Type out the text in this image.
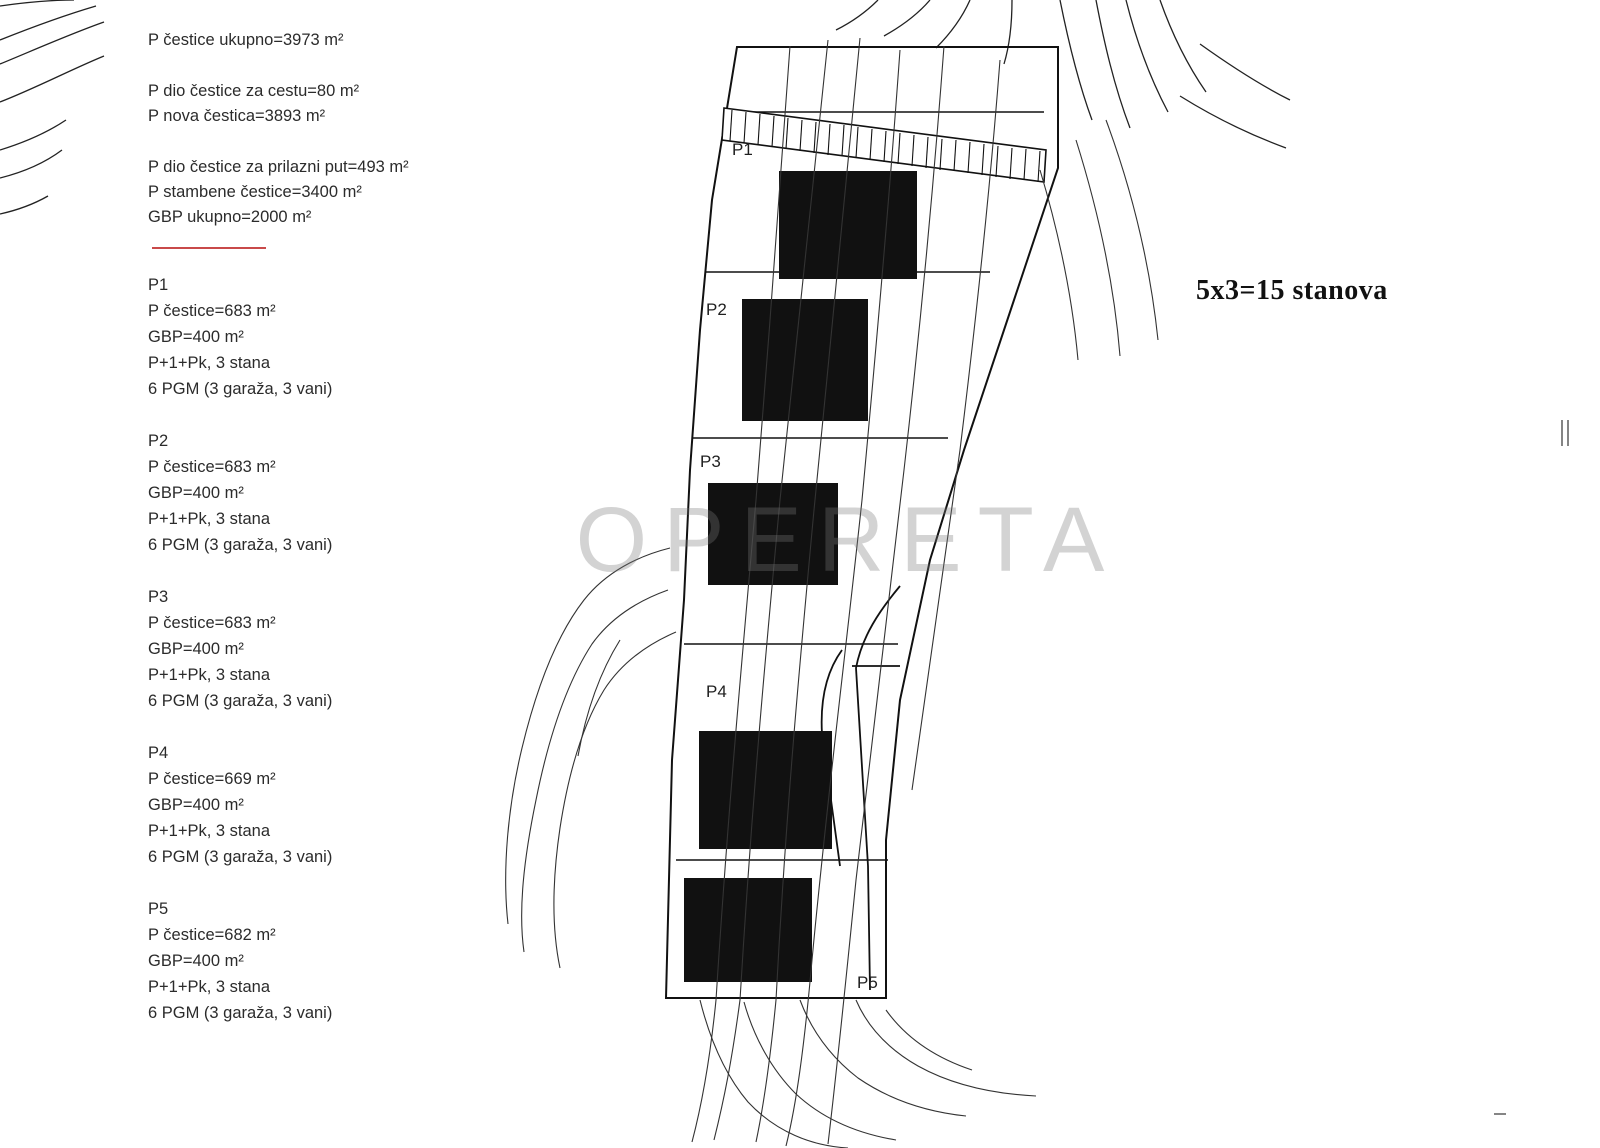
P1
P2
P3
P4
P5
OPERETA
P čestice ukupno=3973 m²
P dio čestice za cestu=80 m²
P nova čestica=3893 m²
P dio čestice za prilazni put=493 m²
P stambene čestice=3400 m²
GBP ukupno=2000 m²
P1
P čestice=683 m²
GBP=400 m²
P+1+Pk, 3 stana
6 PGM (3 garaža, 3 vani)
P2
P čestice=683 m²
GBP=400 m²
P+1+Pk, 3 stana
6 PGM (3 garaža, 3 vani)
P3
P čestice=683 m²
GBP=400 m²
P+1+Pk, 3 stana
6 PGM (3 garaža, 3 vani)
P4
P čestice=669 m²
GBP=400 m²
P+1+Pk, 3 stana
6 PGM (3 garaža, 3 vani)
P5
P čestice=682 m²
GBP=400 m²
P+1+Pk, 3 stana
6 PGM (3 garaža, 3 vani)
5x3=15 stanova
